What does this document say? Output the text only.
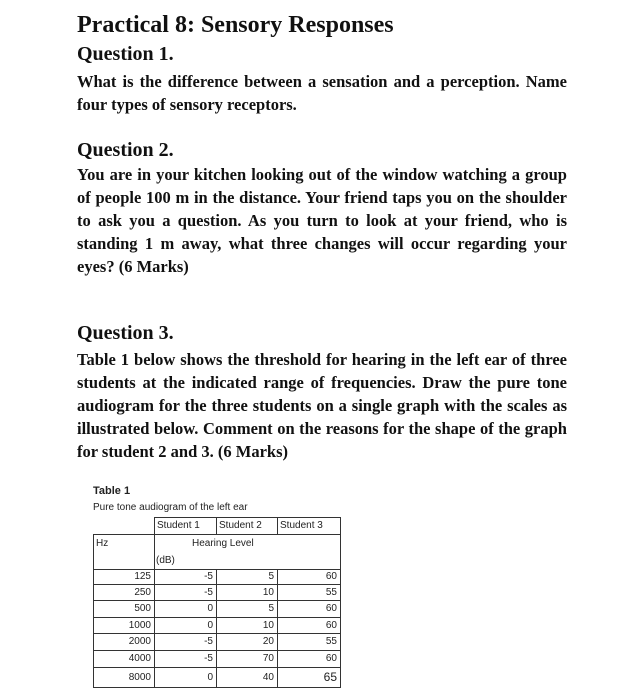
Practical 8: Sensory Responses
Question 1.

What is the difference between a sensation and a perception. Name four types of sensory receptors.

Question 2.

You are in your kitchen looking out of the window watching a group of people 100 m in the distance. Your friend taps you on the shoulder to ask you a question. As you turn to look at your friend, who is standing 1 m away, what three changes will occur regarding your eyes? (6 Marks)

Question 3.

Table 1 below shows the threshold for hearing in the left ear of three students at the indicated range of frequencies. Draw the pure tone audiogram for the three students on a single graph with the scales as illustrated below. Comment on the reasons for the shape of the graph for student 2 and 3. (6 Marks)

Table 1
Pure tone audiogram of the left ear
Student 1 Student 2 Student 3
Hz	Hearing Level
(dB)
125	-5	5	60
250	-5	10	55
500	0	5	60
1000	0	10	60
2000	-5	20	55
4000	-5	70	60
8000	0	40	65
